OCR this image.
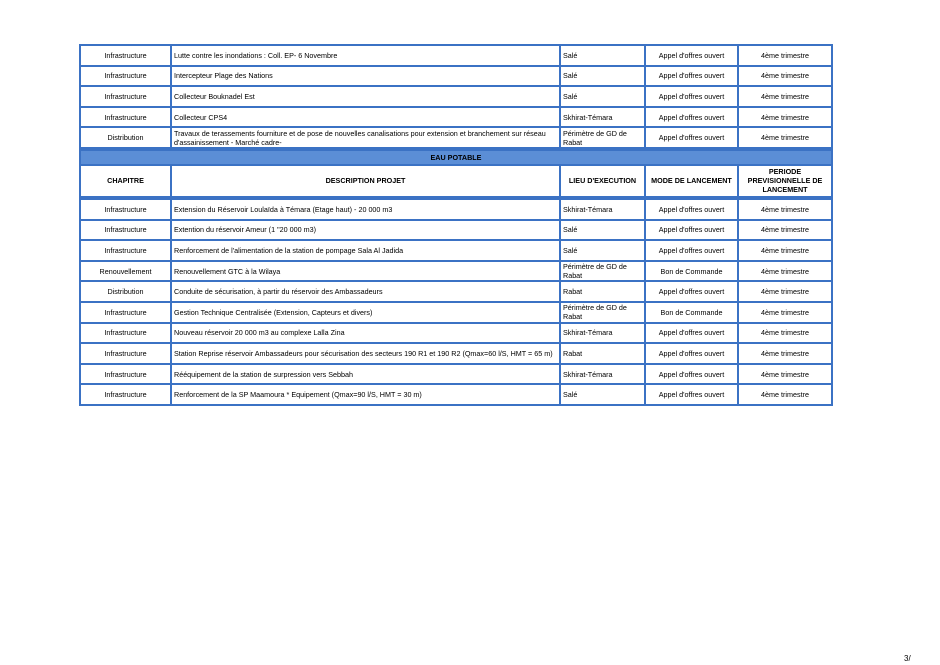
Infrastructure	Lutte contre les inondations : Coll. EP- 6 Novembre	Salé	Appel d'offres ouvert	4ème trimestre
Infrastructure	Intercepteur Plage des Nations	Salé	Appel d'offres ouvert	4ème trimestre
Infrastructure	Collecteur Bouknadel Est	Salé	Appel d'offres ouvert	4ème trimestre
Infrastructure	Collecteur CPS4	Skhirat-Témara	Appel d'offres ouvert	4ème trimestre
Distribution	Travaux de terassements fourniture et de pose de nouvelles canalisations pour extension et branchement sur réseau d'assainissement - Marché cadre-	Périmètre de GD de Rabat	Appel d'offres ouvert	4ème trimestre
EAU POTABLE				
CHAPITRE	DESCRIPTION PROJET	LIEU D'EXECUTION	MODE DE LANCEMENT	PERIODE PREVISIONNELLE DE LANCEMENT
Infrastructure	Extension du Réservoir Loulaïda à Témara (Etage haut) - 20 000 m3	Skhirat-Témara	Appel d'offres ouvert	4ème trimestre
Infrastructure	Extention du réservoir Ameur (1 "20 000 m3)	Salé	Appel d'offres ouvert	4ème trimestre
Infrastructure	Renforcement de l'alimentation de la station de pompage Sala Al Jadida	Salé	Appel d'offres ouvert	4ème trimestre
Renouvellement	Renouvellement GTC à la Wilaya	Périmètre de GD de Rabat	Bon de Commande	4ème trimestre
Distribution	Conduite de sécurisation, à partir du réservoir des Ambassadeurs	Rabat	Appel d'offres ouvert	4ème trimestre
Infrastructure	Gestion Technique Centralisée (Extension, Capteurs et divers)	Périmètre de GD de Rabat	Bon de Commande	4ème trimestre
Infrastructure	Nouveau réservoir 20 000 m3 au complexe Lalla Zina	Skhirat-Témara	Appel d'offres ouvert	4ème trimestre
Infrastructure	Station Reprise réservoir Ambassadeurs pour sécurisation des secteurs 190 R1 et 190 R2 (Qmax=60 l/S, HMT = 65 m)	Rabat	Appel d'offres ouvert	4ème trimestre
Infrastructure	Rééquipement de la station de surpression vers Sebbah	Skhirat-Témara	Appel d'offres ouvert	4ème trimestre
Infrastructure	Renforcement de la SP Maamoura * Equipement (Qmax=90 l/S, HMT = 30 m)	Salé	Appel d'offres ouvert	4ème trimestre
3/
